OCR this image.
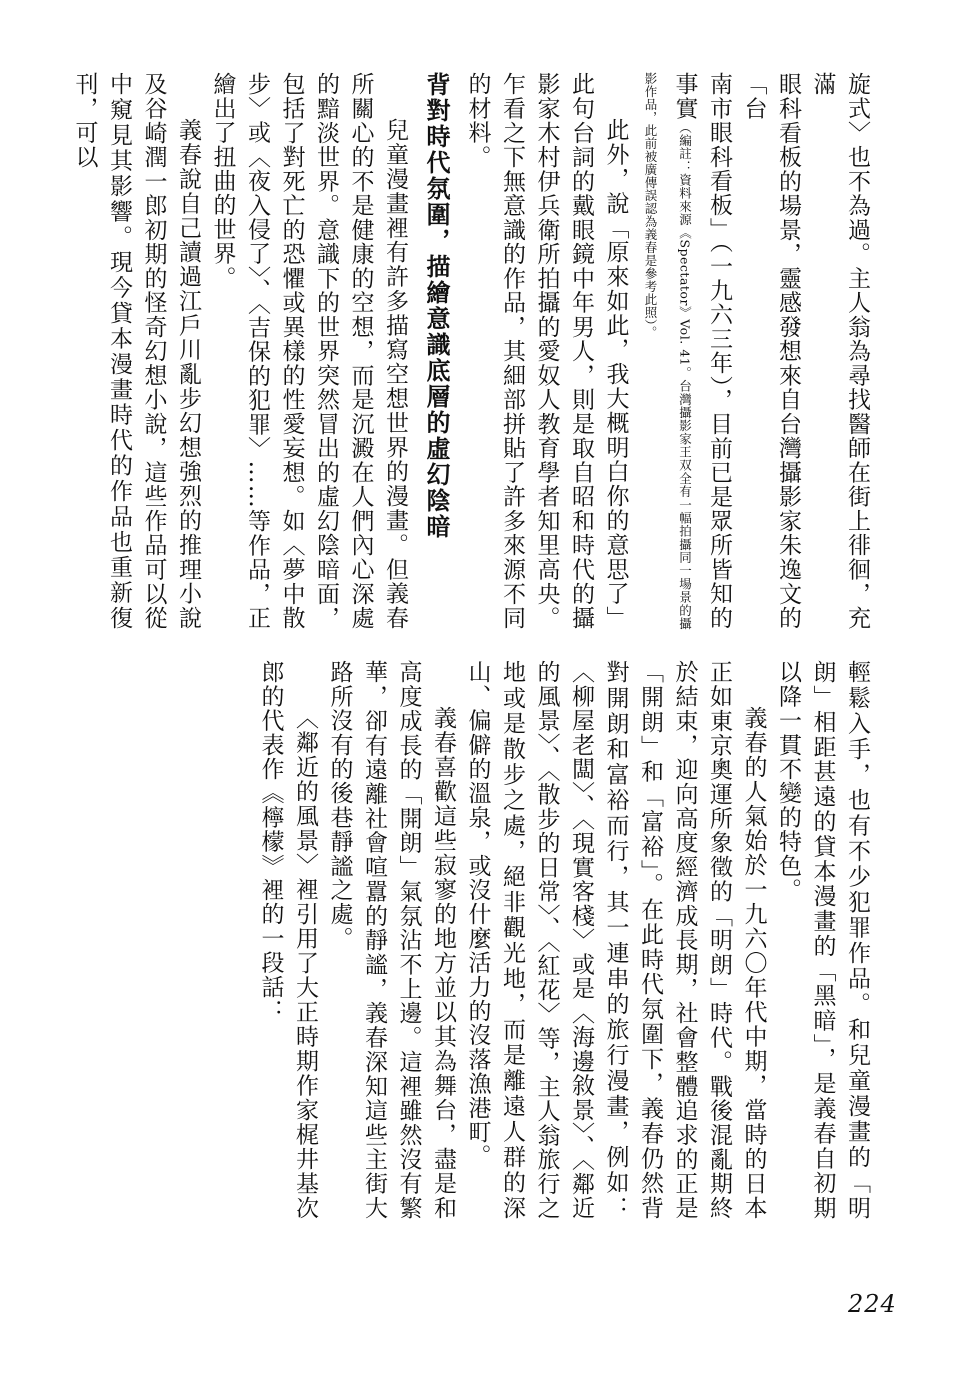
旋式〉也不為過。主人翁為尋找醫師在街上徘徊，充滿
眼科看板的場景，靈感發想來自台灣攝影家朱逸文的「台
南市眼科看板」（一九六三年），目前已是眾所皆知的
事實（編註：資料來源《Spectator》Vol. 41。台灣攝影家王双全有一幅拍攝同一場景的攝影作品，此前被廣傳誤認為義春是參考此照）。
此外，說「原來如此，我大概明白你的意思了」此句台詞的戴眼鏡中年男人，則是取自昭和時代的攝影家木村伊兵衛所拍攝的愛奴人教育學者知里高央。乍看之下無意識的作品，其細部拼貼了許多來源不同的材料。
背對時代氛圍，描繪意識底層的虛幻陰暗
兒童漫畫裡有許多描寫空想世界的漫畫。但義春所關心的不是健康的空想，而是沉澱在人們內心深處的黯淡世界。意識下的世界突然冒出的虛幻陰暗面，包括了對死亡的恐懼或異樣的性愛妄想。如〈夢中散步〉或〈夜入侵了〉、〈吉保的犯罪〉……等作品，正繪出了扭曲的世界。
義春說自己讀過江戶川亂步幻想強烈的推理小說及谷崎潤一郎初期的怪奇幻想小說，這些作品可以從中窺見其影響。現今貸本漫畫時代的作品也重新復刊，可以
輕鬆入手，也有不少犯罪作品。和兒童漫畫的「明朗」相距甚遠的貸本漫畫的「黑暗」，是義春自初期以降一貫不變的特色。
義春的人氣始於一九六〇年代中期，當時的日本正如東京奧運所象徵的「明朗」時代。戰後混亂期終於結束，迎向高度經濟成長期，社會整體追求的正是「開朗」和「富裕」。在此時代氛圍下，義春仍然背對開朗和富裕而行，其一連串的旅行漫畫，例如：〈柳屋老闆〉、〈現實客棧〉或是〈海邊敘景〉、〈鄰近的風景〉、〈散步的日常〉、〈紅花〉等，主人翁旅行之地或是散步之處，絕非觀光地，而是離遠人群的深山、偏僻的溫泉，或沒什麼活力的沒落漁港町。
義春喜歡這些寂寥的地方並以其為舞台，盡是和高度成長的「開朗」氣氛沾不上邊。這裡雖然沒有繁華，卻有遠離社會喧囂的靜謐，義春深知這些主街大路所沒有的後巷靜謐之處。
〈鄰近的風景〉裡引用了大正時期作家梶井基次郎的代表作《檸檬》裡的一段話：
224
